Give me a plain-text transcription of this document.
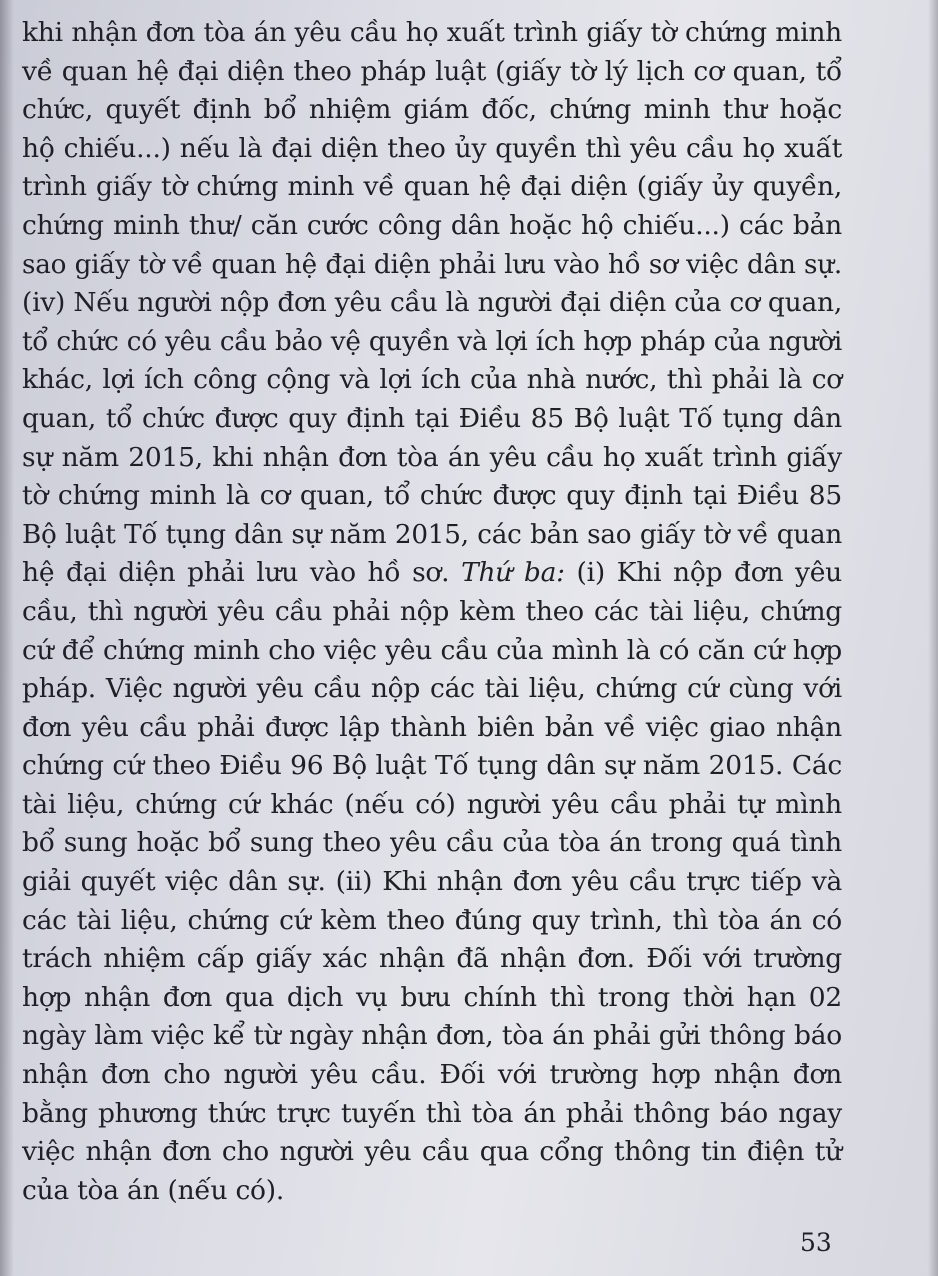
khi nhận đơn tòa án yêu cầu họ xuất trình giấy tờ chứng minh
về quan hệ đại diện theo pháp luật (giấy tờ lý lịch cơ quan, tổ
chức, quyết định bổ nhiệm giám đốc, chứng minh thư hoặc
hộ chiếu...) nếu là đại diện theo ủy quyền thì yêu cầu họ xuất
trình giấy tờ chứng minh về quan hệ đại diện (giấy ủy quyền,
chứng minh thư/ căn cước công dân hoặc hộ chiếu...) các bản
sao giấy tờ về quan hệ đại diện phải lưu vào hồ sơ việc dân sự.
(iv) Nếu người nộp đơn yêu cầu là người đại diện của cơ quan,
tổ chức có yêu cầu bảo vệ quyền và lợi ích hợp pháp của người
khác, lợi ích công cộng và lợi ích của nhà nước, thì phải là cơ
quan, tổ chức được quy định tại Điều 85 Bộ luật Tố tụng dân
sự năm 2015, khi nhận đơn tòa án yêu cầu họ xuất trình giấy
tờ chứng minh là cơ quan, tổ chức được quy định tại Điều 85
Bộ luật Tố tụng dân sự năm 2015, các bản sao giấy tờ về quan
hệ đại diện phải lưu vào hồ sơ. Thứ ba: (i) Khi nộp đơn yêu
cầu, thì người yêu cầu phải nộp kèm theo các tài liệu, chứng
cứ để chứng minh cho việc yêu cầu của mình là có căn cứ hợp
pháp. Việc người yêu cầu nộp các tài liệu, chứng cứ cùng với
đơn yêu cầu phải được lập thành biên bản về việc giao nhận
chứng cứ theo Điều 96 Bộ luật Tố tụng dân sự năm 2015. Các
tài liệu, chứng cứ khác (nếu có) người yêu cầu phải tự mình
bổ sung hoặc bổ sung theo yêu cầu của tòa án trong quá tình
giải quyết việc dân sự. (ii) Khi nhận đơn yêu cầu trực tiếp và
các tài liệu, chứng cứ kèm theo đúng quy trình, thì tòa án có
trách nhiệm cấp giấy xác nhận đã nhận đơn. Đối với trường
hợp nhận đơn qua dịch vụ bưu chính thì trong thời hạn 02
ngày làm việc kể từ ngày nhận đơn, tòa án phải gửi thông báo
nhận đơn cho người yêu cầu. Đối với trường hợp nhận đơn
bằng phương thức trực tuyến thì tòa án phải thông báo ngay
việc nhận đơn cho người yêu cầu qua cổng thông tin điện tử
của tòa án (nếu có).
53
